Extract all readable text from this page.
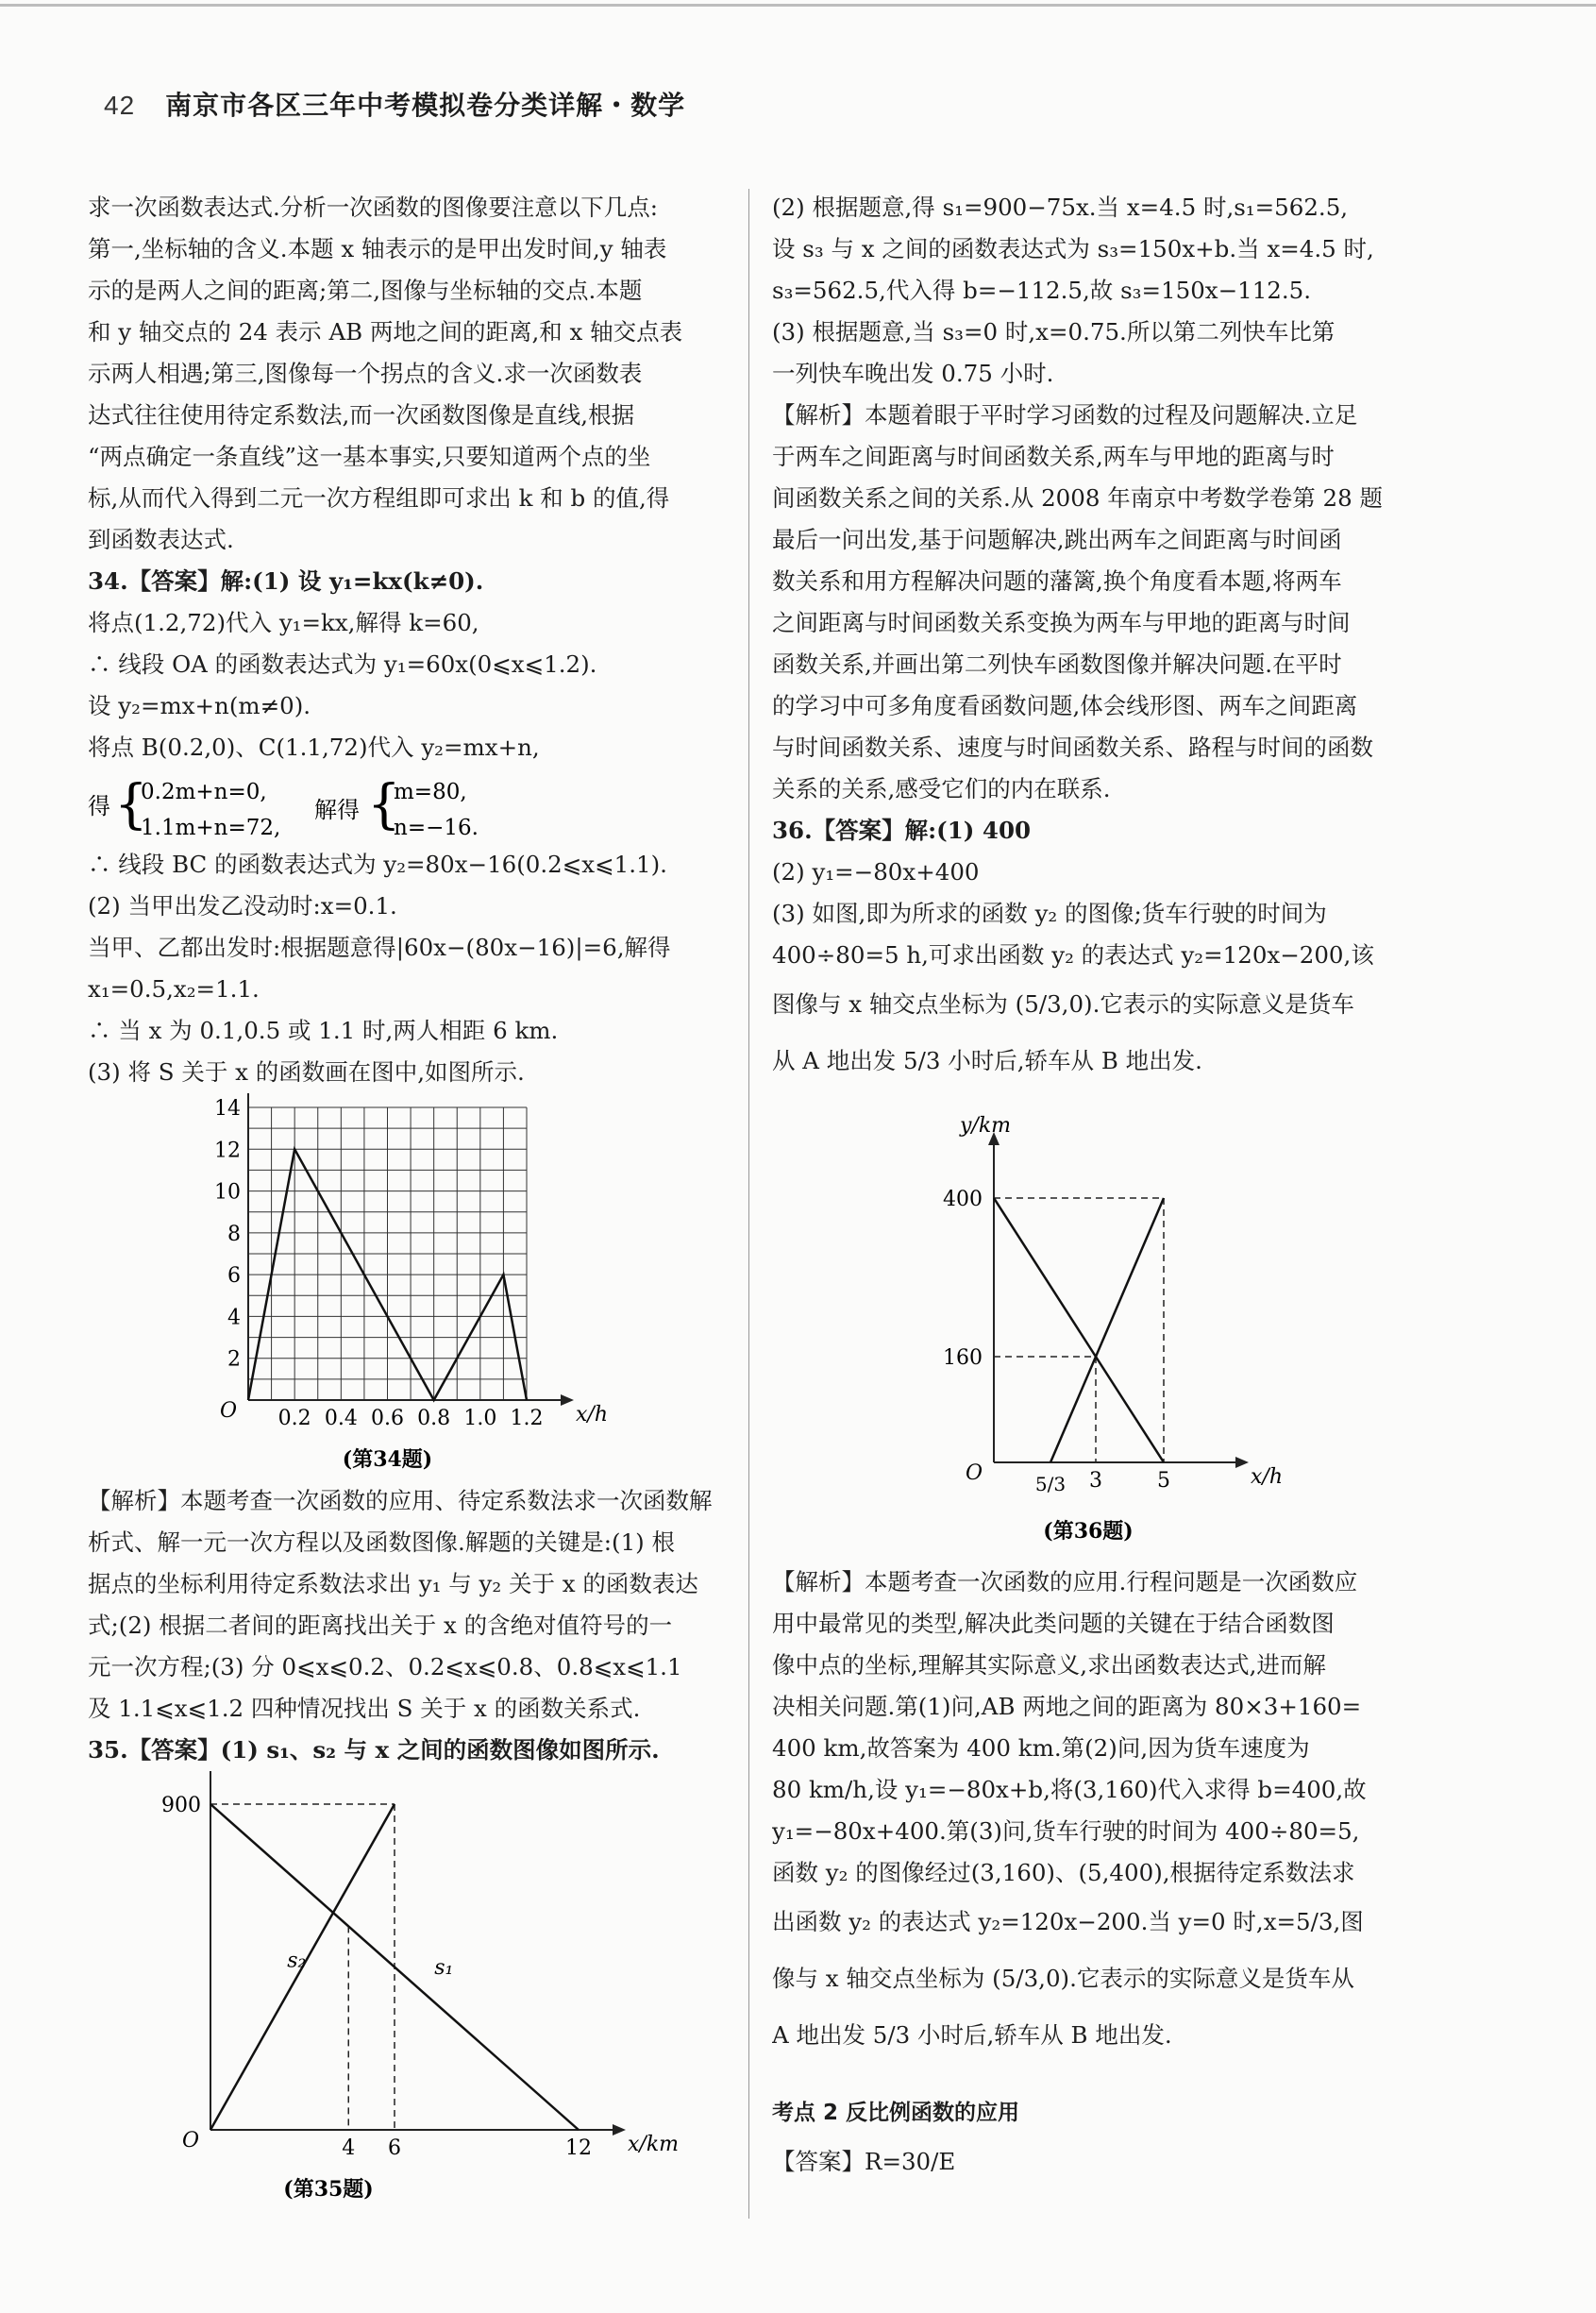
42 南京市各区三年中考模拟卷分类详解・数学
求一次函数表达式.分析一次函数的图像要注意以下几点:
第一,坐标轴的含义.本题 x 轴表示的是甲出发时间,y 轴表
示的是两人之间的距离;第二,图像与坐标轴的交点.本题
和 y 轴交点的 24 表示 AB 两地之间的距离,和 x 轴交点表
示两人相遇;第三,图像每一个拐点的含义.求一次函数表
达式往往使用待定系数法,而一次函数图像是直线,根据
“两点确定一条直线”这一基本事实,只要知道两个点的坐
标,从而代入得到二元一次方程组即可求出 k 和 b 的值,得
到函数表达式.
34.【答案】解:(1) 设 y₁=kx(k≠0).
将点(1.2,72)代入 y₁=kx,解得 k=60,
∴ 线段 OA 的函数表达式为 y₁=60x(0⩽x⩽1.2).
设 y₂=mx+n(m≠0).
将点 B(0.2,0)、C(1.1,72)代入 y₂=mx+n,
得 {
0.2m+n=0,
1.1m+n=72,
解得 {
m=80,
n=−16.
∴ 线段 BC 的函数表达式为 y₂=80x−16(0.2⩽x⩽1.1).
(2) 当甲出发乙没动时:x=0.1.
当甲、乙都出发时:根据题意得|60x−(80x−16)|=6,解得
x₁=0.5,x₂=1.1.
∴ 当 x 为 0.1,0.5 或 1.1 时,两人相距 6 km.
(3) 将 S 关于 x 的函数画在图中,如图所示.
O	x/h
0.2 0.4 0.6 0.8 1.0 1.2
2
4
6
8
10
12
14
(第34题)
【解析】本题考查一次函数的应用、待定系数法求一次函数解
析式、解一元一次方程以及函数图像.解题的关键是:(1) 根
据点的坐标利用待定系数法求出 y₁ 与 y₂ 关于 x 的函数表达
式;(2) 根据二者间的距离找出关于 x 的含绝对值符号的一
元一次方程;(3) 分 0⩽x⩽0.2、0.2⩽x⩽0.8、0.8⩽x⩽1.1
及 1.1⩽x⩽1.2 四种情况找出 S 关于 x 的函数关系式.
35.【答案】(1) s₁、s₂ 与 x 之间的函数图像如图所示.
O	x/km
s₁
s₂
900
4 6	12
(第35题)
(2) 根据题意,得 s₁=900−75x.当 x=4.5 时,s₁=562.5,
设 s₃ 与 x 之间的函数表达式为 s₃=150x+b.当 x=4.5 时,
s₃=562.5,代入得 b=−112.5,故 s₃=150x−112.5.
(3) 根据题意,当 s₃=0 时,x=0.75.所以第二列快车比第
一列快车晚出发 0.75 小时.
【解析】本题着眼于平时学习函数的过程及问题解决.立足
于两车之间距离与时间函数关系,两车与甲地的距离与时
间函数关系之间的关系.从 2008 年南京中考数学卷第 28 题
最后一问出发,基于问题解决,跳出两车之间距离与时间函
数关系和用方程解决问题的藩篱,换个角度看本题,将两车
之间距离与时间函数关系变换为两车与甲地的距离与时间
函数关系,并画出第二列快车函数图像并解决问题.在平时
的学习中可多角度看函数问题,体会线形图、两车之间距离
与时间函数关系、速度与时间函数关系、路程与时间的函数
关系的关系,感受它们的内在联系.
36.【答案】解:(1) 400
(2) y₁=−80x+400
(3) 如图,即为所求的函数 y₂ 的图像;货车行驶的时间为
400÷80=5 h,可求出函数 y₂ 的表达式 y₂=120x−200,该
图像与 x 轴交点坐标为 (5/3,0).它表示的实际意义是货车
从 A 地出发 5/3 小时后,轿车从 B 地出发.
O	x/h
y/km
400
160
5/3 3	5
(第36题)
【解析】本题考查一次函数的应用.行程问题是一次函数应
用中最常见的类型,解决此类问题的关键在于结合函数图
像中点的坐标,理解其实际意义,求出函数表达式,进而解
决相关问题.第(1)问,AB 两地之间的距离为 80×3+160=
400 km,故答案为 400 km.第(2)问,因为货车速度为
80 km/h,设 y₁=−80x+b,将(3,160)代入求得 b=400,故
y₁=−80x+400.第(3)问,货车行驶的时间为 400÷80=5,
函数 y₂ 的图像经过(3,160)、(5,400),根据待定系数法求
出函数 y₂ 的表达式 y₂=120x−200.当 y=0 时,x=5/3,图
像与 x 轴交点坐标为 (5/3,0).它表示的实际意义是货车从
A 地出发 5/3 小时后,轿车从 B 地出发.
考点 2 反比例函数的应用
【答案】R=30/E
